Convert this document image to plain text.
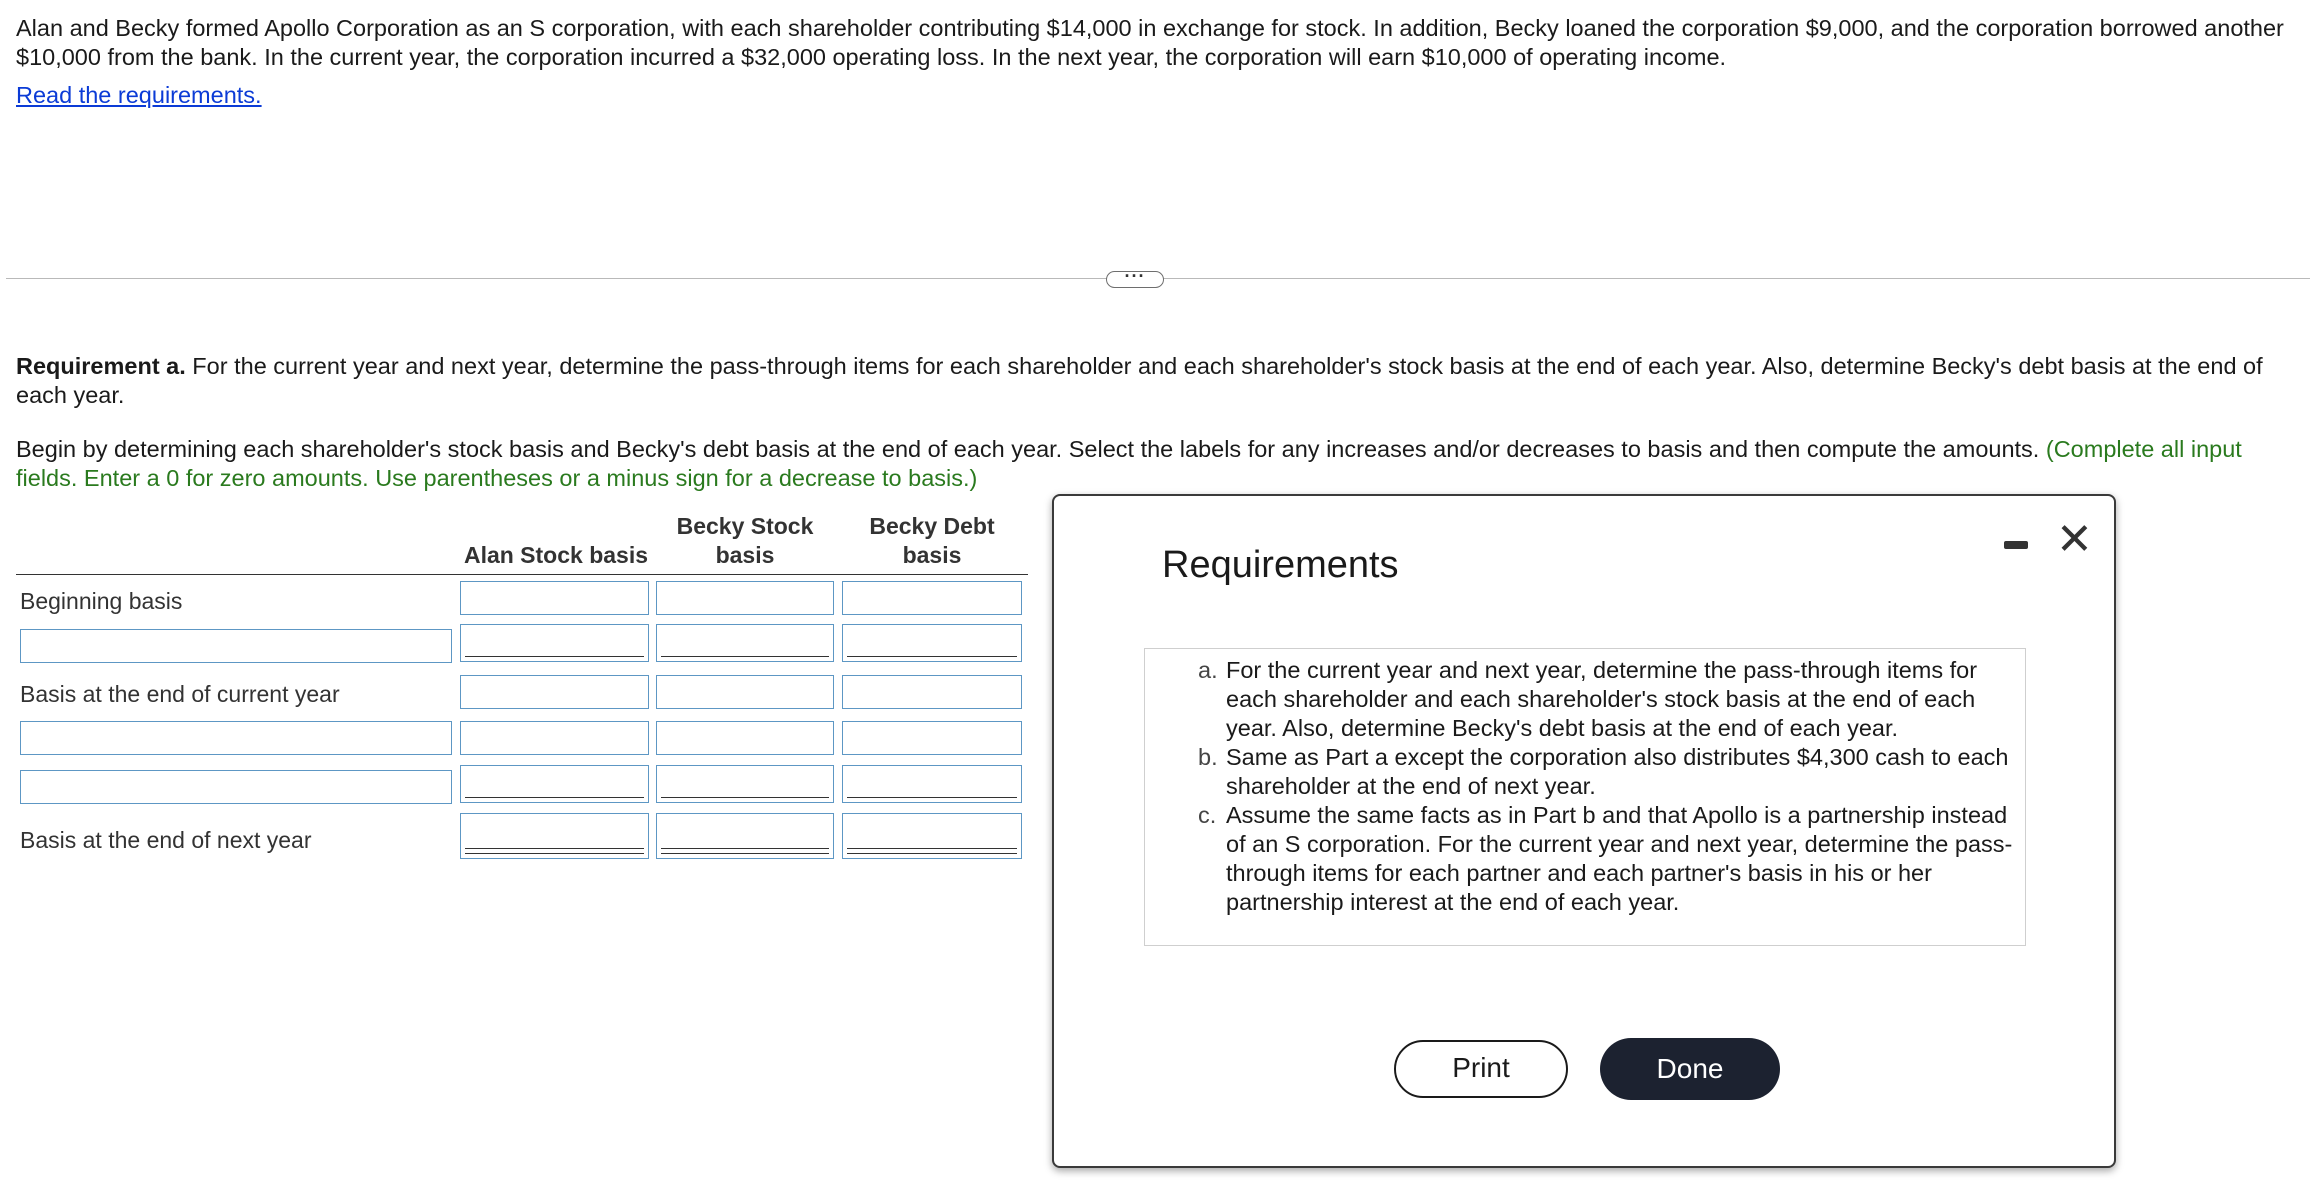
Alan and Becky formed Apollo Corporation as an S corporation, with each shareholder contributing $14,000 in exchange for stock. In addition, Becky loaned the corporation $9,000, and the corporation borrowed another $10,000 from the bank. In the current year, the corporation incurred a $32,000 operating loss. In the next year, the corporation will earn $10,000 of operating income.
Read the requirements.
···
Requirement a. For the current year and next year, determine the pass-through items for each shareholder and each shareholder's stock basis at the end of each year. Also, determine Becky's debt basis at the end of each year.
Begin by determining each shareholder's stock basis and Becky's debt basis at the end of each year. Select the labels for any increases and/or decreases to basis and then compute the amounts. (Complete all input fields. Enter a 0 for zero amounts. Use parentheses or a minus sign for a decrease to basis.)
Alan Stock basis
Becky Stock
basis
Becky Debt
basis
Beginning basis
Basis at the end of current year
Basis at the end of next year
Requirements
✕
a. For the current year and next year, determine the pass-through items for each shareholder and each shareholder's stock basis at the end of each year. Also, determine Becky's debt basis at the end of each year.
b. Same as Part a except the corporation also distributes $4,300 cash to each shareholder at the end of next year.
c. Assume the same facts as in Part b and that Apollo is a partnership instead of an S corporation. For the current year and next year, determine the pass-through items for each partner and each partner's basis in his or her partnership interest at the end of each year.
Print	Done
